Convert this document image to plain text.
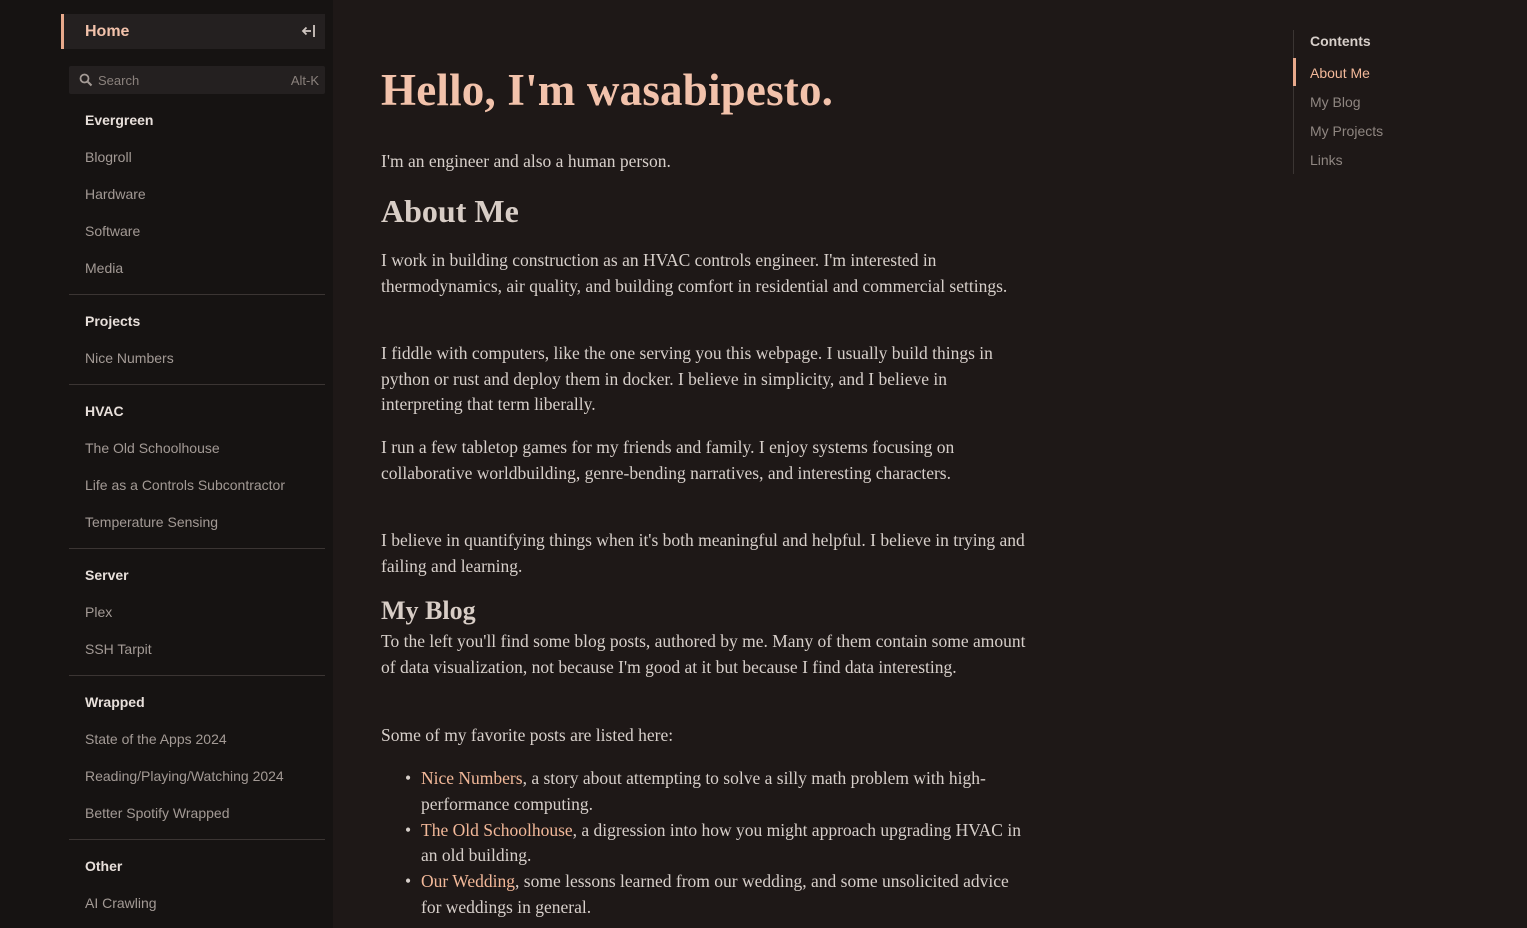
Home
Search
Alt-K
Evergreen
Blogroll
Hardware
Software
Media
Projects
Nice Numbers
HVAC
The Old Schoolhouse
Life as a Controls Subcontractor
Temperature Sensing
Server
Plex
SSH Tarpit
Wrapped
State of the Apps 2024
Reading/Playing/Watching 2024
Better Spotify Wrapped
Other
AI Crawling
Hello, I'm wasabipesto.

I'm an engineer and also a human person.

About Me

I work in building construction as an HVAC controls engineer. I'm interested in thermodynamics, air quality, and building comfort in residential and commercial settings.

I fiddle with computers, like the one serving you this webpage. I usually build things in python or rust and deploy them in docker. I believe in simplicity, and I believe in interpreting that term liberally.

I run a few tabletop games for my friends and family. I enjoy systems focusing on collaborative worldbuilding, genre-bending narratives, and interesting characters.

I believe in quantifying things when it's both meaningful and helpful. I believe in trying and failing and learning.

My Blog

To the left you'll find some blog posts, authored by me. Many of them contain some amount of data visualization, not because I'm good at it but because I find data interesting.

Some of my favorite posts are listed here:

• Nice Numbers, a story about attempting to solve a silly math problem with high-performance computing.
• The Old Schoolhouse, a digression into how you might approach upgrading HVAC in an old building.
• Our Wedding, some lessons learned from our wedding, and some unsolicited advice for weddings in general.
Contents
About Me
My Blog
My Projects
Links
